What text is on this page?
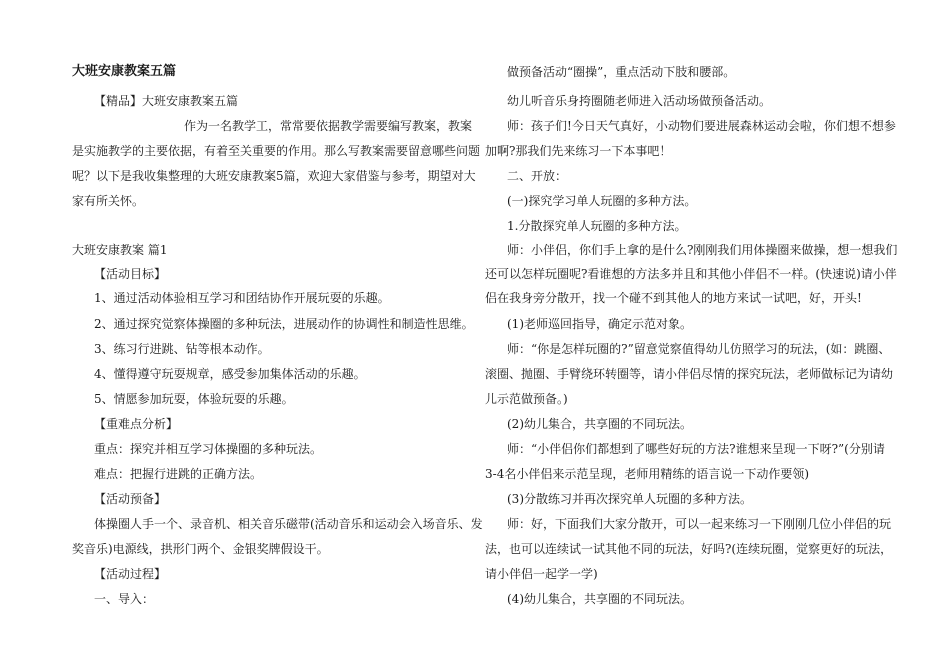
大班安康教案五篇
【精品】大班安康教案五篇
作为一名教学工，常常要依据教学需要编写教案，教案
是实施教学的主要依据，有着至关重要的作用。那么写教案需要留意哪些问题
呢？以下是我收集整理的大班安康教案5篇，欢迎大家借鉴与参考，期望对大
家有所关怀。
大班安康教案 篇1
【活动目标】
1、通过活动体验相互学习和团结协作开展玩耍的乐趣。
2、通过探究觉察体操圈的多种玩法，进展动作的协调性和制造性思维。
3、练习行进跳、钻等根本动作。
4、懂得遵守玩耍规章，感受参加集体活动的乐趣。
5、情愿参加玩耍，体验玩耍的乐趣。
【重难点分析】
重点：探究并相互学习体操圈的多种玩法。
难点：把握行进跳的正确方法。
【活动预备】
体操圈人手一个、录音机、相关音乐磁带(活动音乐和运动会入场音乐、发
奖音乐)电源线，拱形门两个、金银奖牌假设干。
【活动过程】
一、导入：
做预备活动“圈操”，重点活动下肢和腰部。
幼儿听音乐身挎圈随老师进入活动场做预备活动。
师：孩子们!今日天气真好，小动物们要进展森林运动会啦，你们想不想参
加啊?那我们先来练习一下本事吧！
二、开放：
(一)探究学习单人玩圈的多种方法。
1.分散探究单人玩圈的多种方法。
师：小伴侣，你们手上拿的是什么?刚刚我们用体操圈来做操，想一想我们
还可以怎样玩圈呢?看谁想的方法多并且和其他小伴侣不一样。(快速说)请小伴
侣在我身旁分散开，找一个碰不到其他人的地方来试一试吧，好，开头!
(1)老师巡回指导，确定示范对象。
师：“你是怎样玩圈的?”留意觉察值得幼儿仿照学习的玩法，(如：跳圈、
滚圈、抛圈、手臂绕环转圈等，请小伴侣尽情的探究玩法，老师做标记为请幼
儿示范做预备。)
(2)幼儿集合，共享圈的不同玩法。
师：“小伴侣你们都想到了哪些好玩的方法?谁想来呈现一下呀?”(分别请
3-4名小伴侣来示范呈现，老师用精练的语言说一下动作要领)
(3)分散练习并再次探究单人玩圈的多种方法。
师：好，下面我们大家分散开，可以一起来练习一下刚刚几位小伴侣的玩
法，也可以连续试一试其他不同的玩法，好吗?(连续玩圈，觉察更好的玩法，
请小伴侣一起学一学)
(4)幼儿集合，共享圈的不同玩法。
